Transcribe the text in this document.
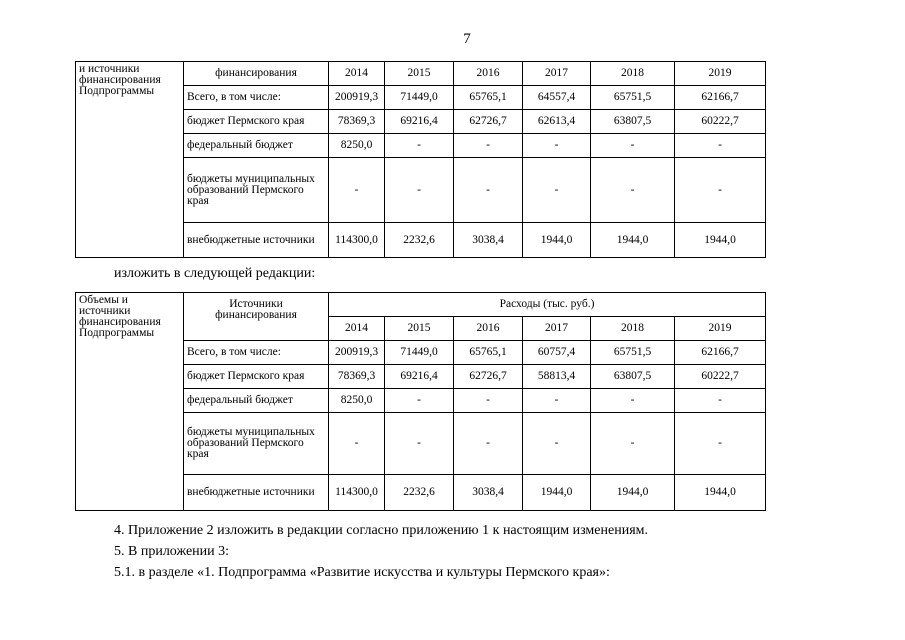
7
и источники финансирования Подпрограммы	финансирования	2014	2015	2016	2017	2018	2019
	Всего, в том числе:	200919,3	71449,0	65765,1	64557,4	65751,5	62166,7
	бюджет Пермского края	78369,3	69216,4	62726,7	62613,4	63807,5	60222,7
	федеральный бюджет	8250,0	-	-	-	-	-
	бюджеты муниципальных образований Пермского края	-	-	-	-	-	-
	внебюджетные источники	114300,0	2232,6	3038,4	1944,0	1944,0	1944,0
изложить в следующей редакции:
Объемы и источники финансирования Подпрограммы	Источники финансирования	Расходы (тыс. руб.)					
		2014	2015	2016	2017	2018	2019
	Всего, в том числе:	200919,3	71449,0	65765,1	60757,4	65751,5	62166,7
	бюджет Пермского края	78369,3	69216,4	62726,7	58813,4	63807,5	60222,7
	федеральный бюджет	8250,0	-	-	-	-	-
	бюджеты муниципальных образований Пермского края	-	-	-	-	-	-
	внебюджетные источники	114300,0	2232,6	3038,4	1944,0	1944,0	1944,0
4. Приложение 2 изложить в редакции согласно приложению 1 к настоящим изменениям.
5. В приложении 3:
5.1. в разделе «1. Подпрограмма «Развитие искусства и культуры Пермского края»:
